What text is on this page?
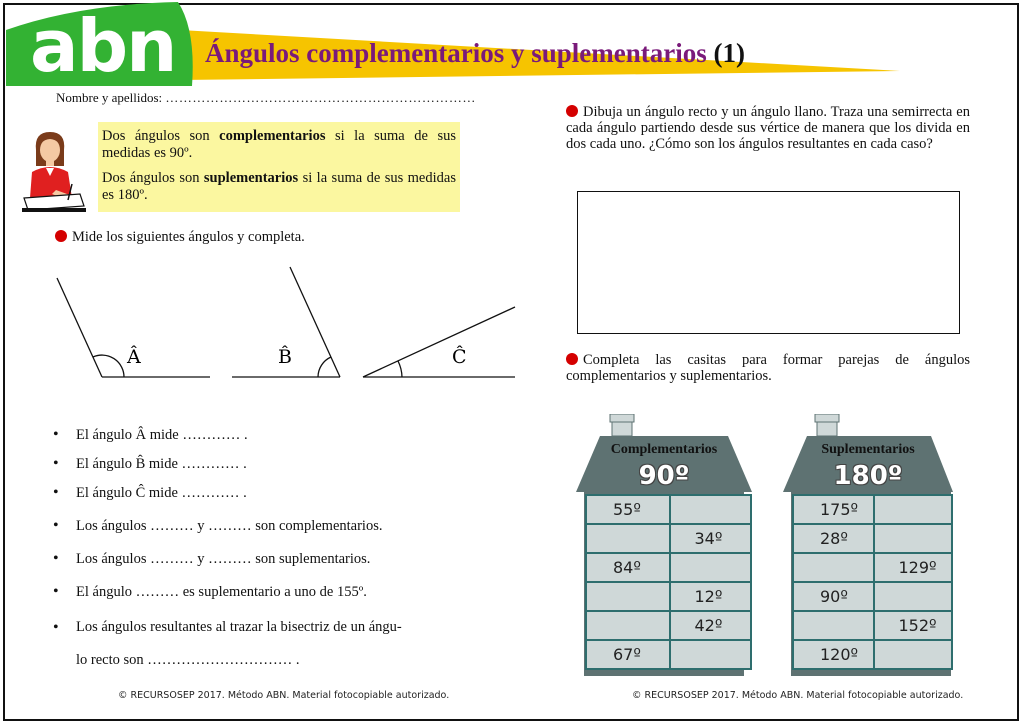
abn Ángulos complementarios y suplementarios (1)
Nombre y apellidos: ……………………………………………………………

Dos ángulos son complementarios si la suma de sus medidas es 90º.

Dos ángulos son suplementarios si la suma de sus medidas es 180º.

Mide los siguientes ángulos y completa.
Â	B̂	Ĉ
• El ángulo Â mide ………… .
• El ángulo B̂ mide ………… .
• El ángulo Ĉ mide ………… .
• Los ángulos ……… y ……… son complementarios.
• Los ángulos ……… y ……… son suplementarios.
• El ángulo ……… es suplementario a uno de 155º.
• Los ángulos resultantes al trazar la bisectriz de un ángu-
lo recto son ………………………… .
Dibuja un ángulo recto y un ángulo llano. Traza una semirrecta en cada ángulo partiendo desde sus vértice de manera que los divida en dos cada uno. ¿Cómo son los ángulos resultantes en cada caso?
Completa las casitas para formar parejas de ángulos complementarios y suplementarios.
Complementarios
90º
55º	
	34º
84º	
	12º
	42º
67º	
Suplementarios
180º
175º	
28º	
	129º
90º	
	152º
120º	
© RECURSOSEP 2017. Método ABN. Material fotocopiable autorizado.	© RECURSOSEP 2017. Método ABN. Material fotocopiable autorizado.
